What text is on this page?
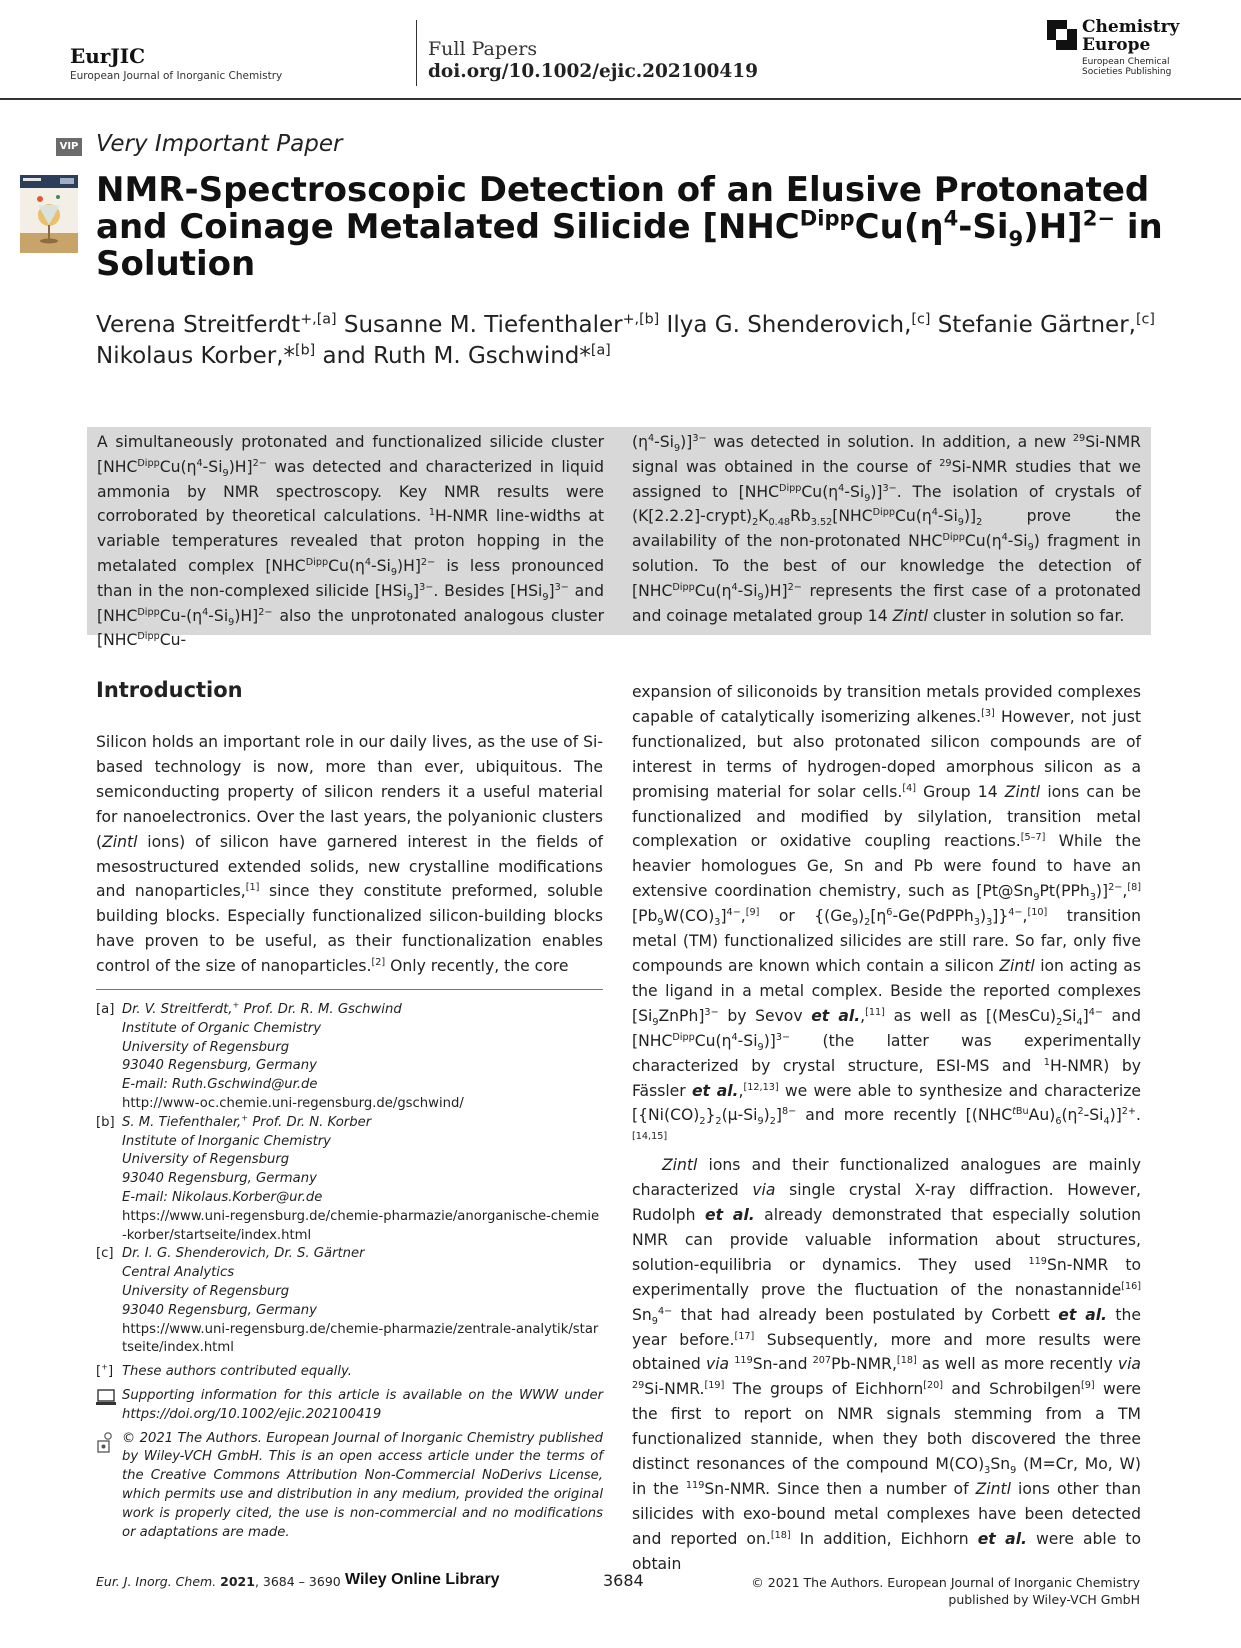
EurJIC
European Journal of Inorganic Chemistry
Full Papers
doi.org/10.1002/ejic.202100419
Chemistry
Europe
European Chemical
Societies Publishing
VIP Very Important Paper
NMR-Spectroscopic Detection of an Elusive Protonated and Coinage Metalated Silicide $[NHC^{Dipp}Cu(\eta^4-Si_9)H]^{2-}$ in Solution
Verena Streitferdt$^{+,[a]}$ Susanne M. Tiefenthaler$^{+,[b]}$ Ilya G. Shenderovich,[c] Stefanie Gärtner,[c] Nikolaus Korber,*[b] and Ruth M. Gschwind*[a]
A simultaneously protonated and functionalized silicide cluster $[NHC^{Dipp}Cu(\eta^4-Si_9)H]^{2-}$ was detected and characterized in liquid ammonia by NMR spectroscopy. Key NMR results were corroborated by theoretical calculations. $^1$H-NMR line-widths at variable temperatures revealed that proton hopping in the metalated complex $[NHC^{Dipp}Cu(\eta^4-Si_9)H]^{2-}$ is less pronounced than in the non-complexed silicide $[HSi_9]^{3-}$. Besides $[HSi_9]^{3-}$ and $[NHC^{Dipp}Cu-(\eta^4-Si_9)H]^{2-}$ also the unprotonated analogous cluster [$NHC^{Dipp}Cu-$
$(\eta^4-Si_9)]^{3-}$ was detected in solution. In addition, a new $^{29}$Si-NMR signal was obtained in the course of $^{29}$Si-NMR studies that we assigned to $[NHC^{Dipp}Cu(\eta^4-Si_9)]^{3-}$. The isolation of crystals of $(K[2.2.2]-crypt)_2K_{0.48}Rb_{3.52}[NHC^{Dipp}Cu(\eta^4-Si_9)]_2$ prove the availability of the non-protonated $NHC^{Dipp}Cu(\eta^4-Si_9)$ fragment in solution. To the best of our knowledge the detection of $[NHC^{Dipp}Cu(\eta^4-Si_9)H]^{2-}$ represents the first case of a protonated and coinage metalated group 14 Zintl cluster in solution so far.
Introduction
Silicon holds an important role in our daily lives, as the use of Si-based technology is now, more than ever, ubiquitous. The semiconducting property of silicon renders it a useful material for nanoelectronics. Over the last years, the polyanionic clusters (Zintl ions) of silicon have garnered interest in the fields of mesostructured extended solids, new crystalline modifications and nanoparticles,[1] since they constitute preformed, soluble building blocks. Especially functionalized silicon-building blocks have proven to be useful, as their functionalization enables control of the size of nanoparticles.[2] Only recently, the core

expansion of siliconoids by transition metals provided complexes capable of catalytically isomerizing alkenes.[3] However, not just functionalized, but also protonated silicon compounds are of interest in terms of hydrogen-doped amorphous silicon as a promising material for solar cells.[4] Group 14 Zintl ions can be functionalized and modified by silylation, transition metal complexation or oxidative coupling reactions.[5–7] While the heavier homologues Ge, Sn and Pb were found to have an extensive coordination chemistry, such as $[Pt@Sn_9Pt(PPh_3)]^{2-},[8]$ $[Pb_9W(CO)_3]^{4-},[9]$ or $\{(Ge_9)_2[\eta^6-Ge(PdPPh_3)_3]\}^{4-},[10]$ transition metal (TM) functionalized silicides are still rare. So far, only five compounds are known which contain a silicon Zintl ion acting as the ligand in a metal complex. Beside the reported complexes $[Si_9ZnPh]^{3-}$ by Sevov et al.,[11] as well as $[(MesCu)_2Si_4]^{4-}$ and $[NHC^{Dipp}Cu(\eta^4-Si_9)]^{3-}$ (the latter was experimentally characterized by crystal structure, ESI-MS and $^1$H-NMR) by Fässler et al.,[12,13] we were able to synthesize and characterize $[\{Ni(CO)_2\}_2(\mu-Si_9)_2]^{8-}$ and more recently $[(NHC^{tBu}Au)_6(\eta^2-Si_4)]^{2+}.[14,15]$

Zintl ions and their functionalized analogues are mainly characterized via single crystal X-ray diffraction. However, Rudolph et al. already demonstrated that especially solution NMR can provide valuable information about structures, solution-equilibria or dynamics. They used $^{119}$Sn-NMR to experimentally prove the fluctuation of the nonastannide[16] $Sn_9^{4-}$ that had already been postulated by Corbett et al. the year before.[17] Subsequently, more and more results were obtained via $^{119}$Sn-and $^{207}$Pb-NMR,[18] as well as more recently via $^{29}$Si-NMR.[19] The groups of Eichhorn[20] and Schrobilgen[9] were the first to report on NMR signals stemming from a TM functionalized stannide, when they both discovered the three distinct resonances of the compound $M(CO)_3Sn_9$ (M=Cr, Mo, W) in the $^{119}$Sn-NMR. Since then a number of Zintl ions other than silicides with exo-bound metal complexes have been detected and reported on.[18] In addition, Eichhorn et al. were able to obtain

[a] Dr. V. Streitferdt,+ Prof. Dr. R. M. Gschwind
Institute of Organic Chemistry
University of Regensburg
93040 Regensburg, Germany
E-mail: Ruth.Gschwind@ur.de
http://www-oc.chemie.uni-regensburg.de/gschwind/
[b] S. M. Tiefenthaler,+ Prof. Dr. N. Korber
Institute of Inorganic Chemistry
University of Regensburg
93040 Regensburg, Germany
E-mail: Nikolaus.Korber@ur.de
https://www.uni-regensburg.de/chemie-pharmazie/anorganische-chemie-korber/startseite/index.html
[c] Dr. I. G. Shenderovich, Dr. S. Gärtner
Central Analytics
University of Regensburg
93040 Regensburg, Germany
https://www.uni-regensburg.de/chemie-pharmazie/zentrale-analytik/startseite/index.html
[+] These authors contributed equally.
Supporting information for this article is available on the WWW under https://doi.org/10.1002/ejic.202100419
© 2021 The Authors. European Journal of Inorganic Chemistry published by Wiley-VCH GmbH. This is an open access article under the terms of the Creative Commons Attribution Non-Commercial NoDerivs License, which permits use and distribution in any medium, provided the original work is properly cited, the use is non-commercial and no modifications or adaptations are made.
Eur. J. Inorg. Chem. 2021, 3684 – 3690 Wiley Online Library	3684	© 2021 The Authors. European Journal of Inorganic Chemistry
published by Wiley-VCH GmbH
